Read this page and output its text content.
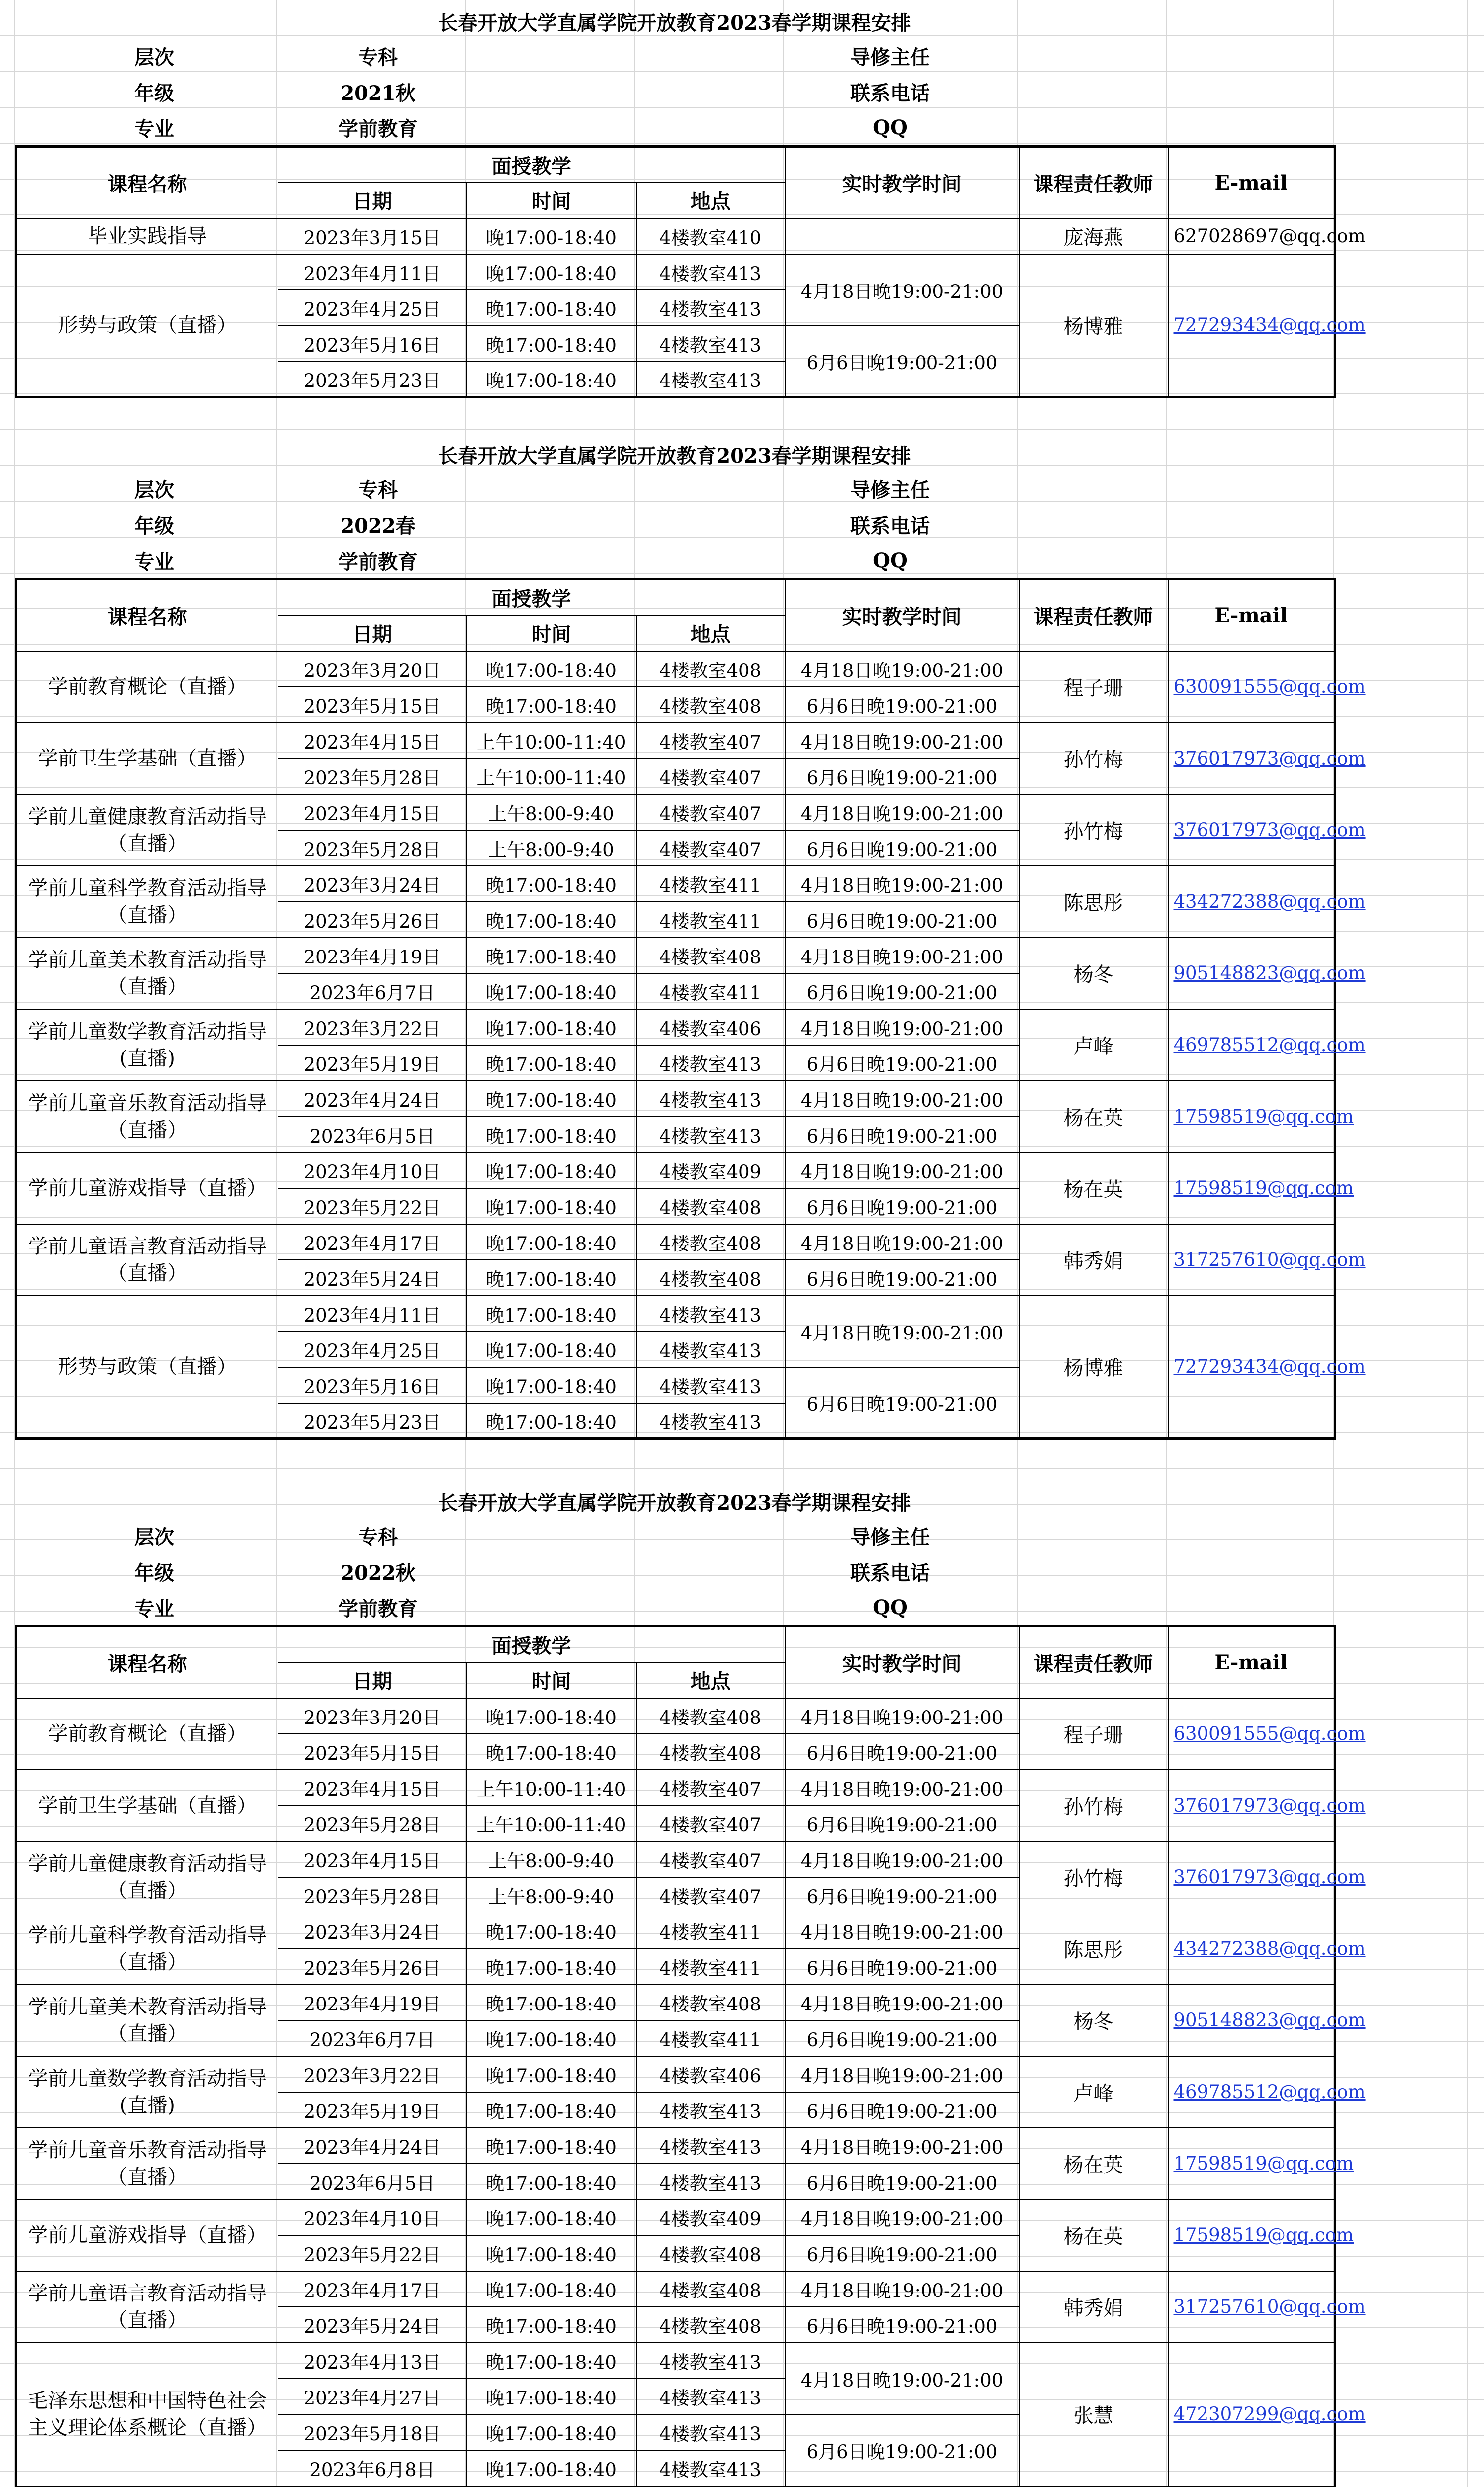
长春开放大学直属学院开放教育2023春学期课程安排
层次	专科	导修主任
年级	2021秋	联系电话
专业	学前教育	QQ
课程名称	面授教学			实时教学时间	课程责任教师	E-mail
	日期	时间	地点			
毕业实践指导	2023年3月15日	晚17:00-18:40	4楼教室410		庞海燕	627028697@qq.com
形势与政策（直播）	2023年4月11日	晚17:00-18:40	4楼教室413	4月18日晚19:00-21:00	杨博雅	727293434@qq.com
	2023年4月25日	晚17:00-18:40	4楼教室413			
	2023年5月16日	晚17:00-18:40	4楼教室413	6月6日晚19:00-21:00		
	2023年5月23日	晚17:00-18:40	4楼教室413			
长春开放大学直属学院开放教育2023春学期课程安排
层次	专科	导修主任
年级	2022春	联系电话
专业	学前教育	QQ
课程名称	面授教学			实时教学时间	课程责任教师	E-mail
	日期	时间	地点			
学前教育概论（直播）	2023年3月20日	晚17:00-18:40	4楼教室408	4月18日晚19:00-21:00	程子珊	630091555@qq.com
	2023年5月15日	晚17:00-18:40	4楼教室408	6月6日晚19:00-21:00		
学前卫生学基础（直播）	2023年4月15日	上午10:00-11:40	4楼教室407	4月18日晚19:00-21:00	孙竹梅	376017973@qq.com
	2023年5月28日	上午10:00-11:40	4楼教室407	6月6日晚19:00-21:00		
学前儿童健康教育活动指导（直播）	2023年4月15日	上午8:00-9:40	4楼教室407	4月18日晚19:00-21:00	孙竹梅	376017973@qq.com
	2023年5月28日	上午8:00-9:40	4楼教室407	6月6日晚19:00-21:00		
学前儿童科学教育活动指导（直播）	2023年3月24日	晚17:00-18:40	4楼教室411	4月18日晚19:00-21:00	陈思彤	434272388@qq.com
	2023年5月26日	晚17:00-18:40	4楼教室411	6月6日晚19:00-21:00		
学前儿童美术教育活动指导（直播）	2023年4月19日	晚17:00-18:40	4楼教室408	4月18日晚19:00-21:00	杨冬	905148823@qq.com
	2023年6月7日	晚17:00-18:40	4楼教室411	6月6日晚19:00-21:00		
学前儿童数学教育活动指导(直播)	2023年3月22日	晚17:00-18:40	4楼教室406	4月18日晚19:00-21:00	卢峰	469785512@qq.com
	2023年5月19日	晚17:00-18:40	4楼教室413	6月6日晚19:00-21:00		
学前儿童音乐教育活动指导（直播）	2023年4月24日	晚17:00-18:40	4楼教室413	4月18日晚19:00-21:00	杨在英	17598519@qq.com
	2023年6月5日	晚17:00-18:40	4楼教室413	6月6日晚19:00-21:00		
学前儿童游戏指导（直播）	2023年4月10日	晚17:00-18:40	4楼教室409	4月18日晚19:00-21:00	杨在英	17598519@qq.com
	2023年5月22日	晚17:00-18:40	4楼教室408	6月6日晚19:00-21:00		
学前儿童语言教育活动指导（直播）	2023年4月17日	晚17:00-18:40	4楼教室408	4月18日晚19:00-21:00	韩秀娟	317257610@qq.com
	2023年5月24日	晚17:00-18:40	4楼教室408	6月6日晚19:00-21:00		
形势与政策（直播）	2023年4月11日	晚17:00-18:40	4楼教室413	4月18日晚19:00-21:00	杨博雅	727293434@qq.com
	2023年4月25日	晚17:00-18:40	4楼教室413			
	2023年5月16日	晚17:00-18:40	4楼教室413	6月6日晚19:00-21:00		
	2023年5月23日	晚17:00-18:40	4楼教室413			
长春开放大学直属学院开放教育2023春学期课程安排
层次	专科	导修主任
年级	2022秋	联系电话
专业	学前教育	QQ
课程名称	面授教学			实时教学时间	课程责任教师	E-mail
	日期	时间	地点			
学前教育概论（直播）	2023年3月20日	晚17:00-18:40	4楼教室408	4月18日晚19:00-21:00	程子珊	630091555@qq.com
	2023年5月15日	晚17:00-18:40	4楼教室408	6月6日晚19:00-21:00		
学前卫生学基础（直播）	2023年4月15日	上午10:00-11:40	4楼教室407	4月18日晚19:00-21:00	孙竹梅	376017973@qq.com
	2023年5月28日	上午10:00-11:40	4楼教室407	6月6日晚19:00-21:00		
学前儿童健康教育活动指导（直播）	2023年4月15日	上午8:00-9:40	4楼教室407	4月18日晚19:00-21:00	孙竹梅	376017973@qq.com
	2023年5月28日	上午8:00-9:40	4楼教室407	6月6日晚19:00-21:00		
学前儿童科学教育活动指导（直播）	2023年3月24日	晚17:00-18:40	4楼教室411	4月18日晚19:00-21:00	陈思彤	434272388@qq.com
	2023年5月26日	晚17:00-18:40	4楼教室411	6月6日晚19:00-21:00		
学前儿童美术教育活动指导（直播）	2023年4月19日	晚17:00-18:40	4楼教室408	4月18日晚19:00-21:00	杨冬	905148823@qq.com
	2023年6月7日	晚17:00-18:40	4楼教室411	6月6日晚19:00-21:00		
学前儿童数学教育活动指导(直播)	2023年3月22日	晚17:00-18:40	4楼教室406	4月18日晚19:00-21:00	卢峰	469785512@qq.com
	2023年5月19日	晚17:00-18:40	4楼教室413	6月6日晚19:00-21:00		
学前儿童音乐教育活动指导（直播）	2023年4月24日	晚17:00-18:40	4楼教室413	4月18日晚19:00-21:00	杨在英	17598519@qq.com
	2023年6月5日	晚17:00-18:40	4楼教室413	6月6日晚19:00-21:00		
学前儿童游戏指导（直播）	2023年4月10日	晚17:00-18:40	4楼教室409	4月18日晚19:00-21:00	杨在英	17598519@qq.com
	2023年5月22日	晚17:00-18:40	4楼教室408	6月6日晚19:00-21:00		
学前儿童语言教育活动指导（直播）	2023年4月17日	晚17:00-18:40	4楼教室408	4月18日晚19:00-21:00	韩秀娟	317257610@qq.com
	2023年5月24日	晚17:00-18:40	4楼教室408	6月6日晚19:00-21:00		
毛泽东思想和中国特色社会主义理论体系概论（直播）	2023年4月13日	晚17:00-18:40	4楼教室413	4月18日晚19:00-21:00	张慧	472307299@qq.com
	2023年4月27日	晚17:00-18:40	4楼教室413			
	2023年5月18日	晚17:00-18:40	4楼教室413	6月6日晚19:00-21:00		
	2023年6月8日	晚17:00-18:40	4楼教室413			
